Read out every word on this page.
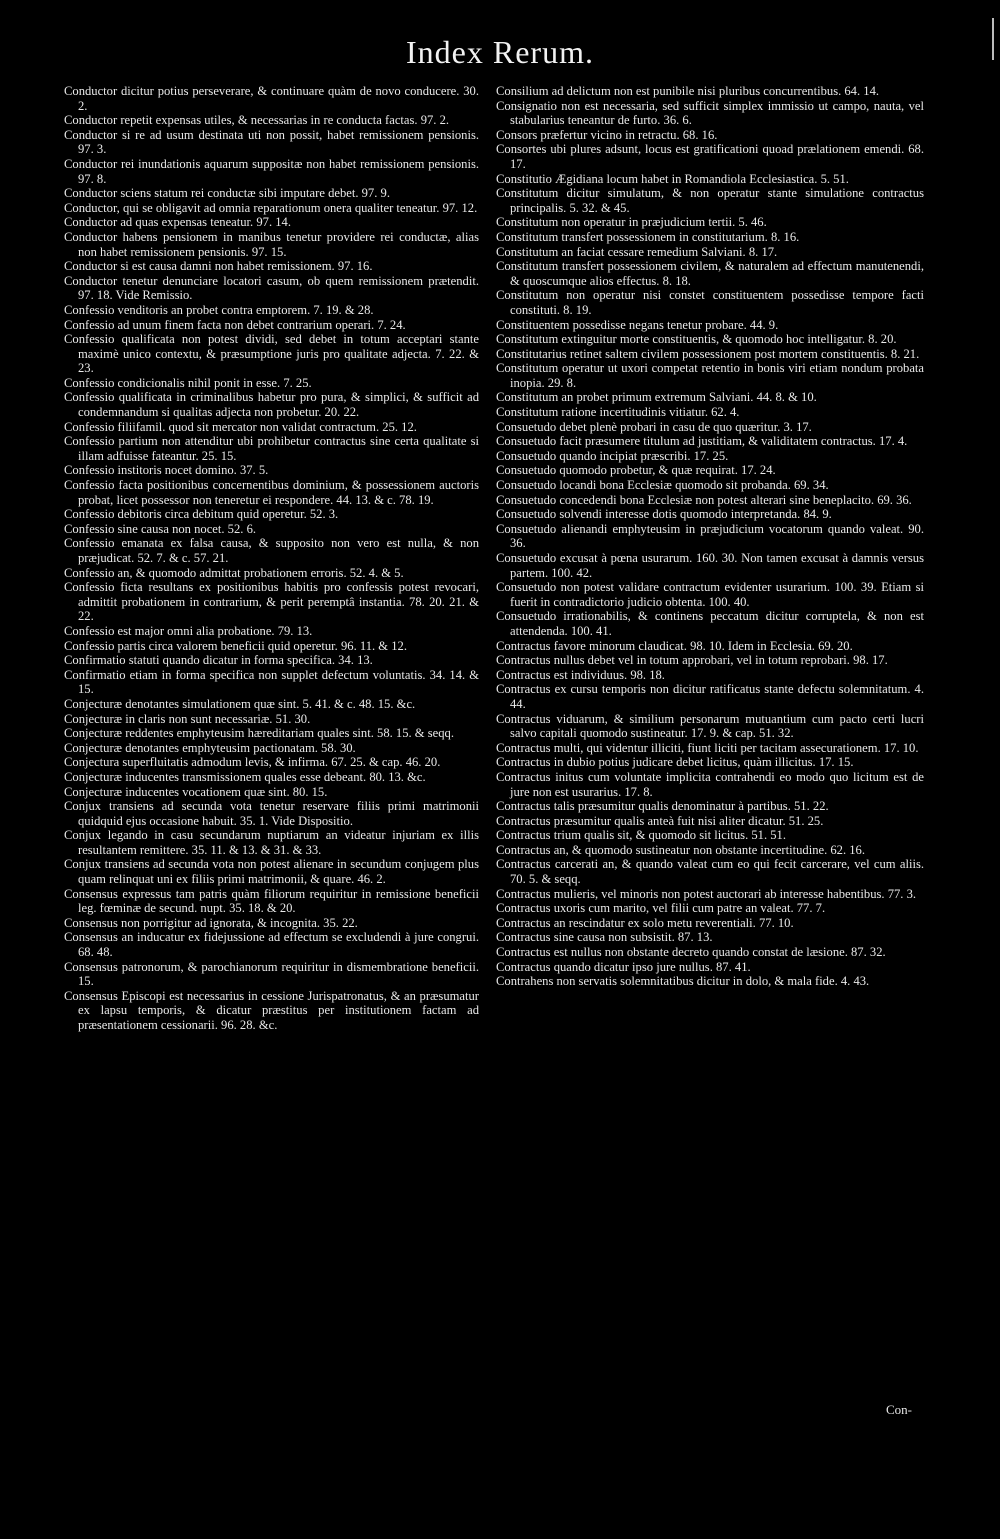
Index Rerum.

Conductor dicitur potius perseverare, & continuare quàm de novo conducere. 30. 2.

Conductor repetit expensas utiles, & necessarias in re conducta factas. 97. 2.

Conductor si re ad usum destinata uti non possit, habet remissionem pensionis. 97. 3.

Conductor rei inundationis aquarum suppositæ non habet remissionem pensionis. 97. 8.

Conductor sciens statum rei conductæ sibi imputare debet. 97. 9.

Conductor, qui se obligavit ad omnia reparationum onera qualiter teneatur. 97. 12.

Conductor ad quas expensas teneatur. 97. 14.

Conductor habens pensionem in manibus tenetur providere rei conductæ, alias non habet remissionem pensionis. 97. 15.

Conductor si est causa damni non habet remissionem. 97. 16.

Conductor tenetur denunciare locatori casum, ob quem remissionem prætendit. 97. 18. Vide Remissio.

Confessio venditoris an probet contra emptorem. 7. 19. & 28.

Confessio ad unum finem facta non debet contrarium operari. 7. 24.

Confessio qualificata non potest dividi, sed debet in totum acceptari stante maximè unico contextu, & præsumptione juris pro qualitate adjecta. 7. 22. & 23.

Confessio condicionalis nihil ponit in esse. 7. 25.

Confessio qualificata in criminalibus habetur pro pura, & simplici, & sufficit ad condemnandum si qualitas adjecta non probetur. 20. 22.

Confessio filiifamil. quod sit mercator non validat contractum. 25. 12.

Confessio partium non attenditur ubi prohibetur contractus sine certa qualitate si illam adfuisse fateantur. 25. 15.

Confessio institoris nocet domino. 37. 5.

Confessio facta positionibus concernentibus dominium, & possessionem auctoris probat, licet possessor non teneretur ei respondere. 44. 13. & c. 78. 19.

Confessio debitoris circa debitum quid operetur. 52. 3.

Confessio sine causa non nocet. 52. 6.

Confessio emanata ex falsa causa, & supposito non vero est nulla, & non præjudicat. 52. 7. & c. 57. 21.

Confessio an, & quomodo admittat probationem erroris. 52. 4. & 5.

Confessio ficta resultans ex positionibus habitis pro confessis potest revocari, admittit probationem in contrarium, & perit peremptâ instantia. 78. 20. 21. & 22.

Confessio est major omni alia probatione. 79. 13.

Confessio partis circa valorem beneficii quid operetur. 96. 11. & 12.

Confirmatio statuti quando dicatur in forma specifica. 34. 13.

Confirmatio etiam in forma specifica non supplet defectum voluntatis. 34. 14. & 15.

Conjecturæ denotantes simulationem quæ sint. 5. 41. & c. 48. 15. &c.

Conjecturæ in claris non sunt necessariæ. 51. 30.

Conjecturæ reddentes emphyteusim hæreditariam quales sint. 58. 15. & seqq.

Conjecturæ denotantes emphyteusim pactionatam. 58. 30.

Conjectura superfluitatis admodum levis, & infirma. 67. 25. & cap. 46. 20.

Conjecturæ inducentes transmissionem quales esse debeant. 80. 13. &c.

Conjecturæ inducentes vocationem quæ sint. 80. 15.

Conjux transiens ad secunda vota tenetur reservare filiis primi matrimonii quidquid ejus occasione habuit. 35. 1. Vide Dispositio.

Conjux legando in casu secundarum nuptiarum an videatur injuriam ex illis resultantem remittere. 35. 11. & 13. & 31. & 33.

Conjux transiens ad secunda vota non potest alienare in secundum conjugem plus quam relinquat uni ex filiis primi matrimonii, & quare. 46. 2.

Consensus expressus tam patris quàm filiorum requiritur in remissione beneficii leg. fœminæ de secund. nupt. 35. 18. & 20.

Consensus non porrigitur ad ignorata, & incognita. 35. 22.

Consensus an inducatur ex fidejussione ad effectum se excludendi à jure congrui. 68. 48.

Consensus patronorum, & parochianorum requiritur in dismembratione beneficii. 15.

Consensus Episcopi est necessarius in cessione Jurispatronatus, & an præsumatur ex lapsu temporis, & dicatur præstitus per institutionem factam ad præsentationem cessionarii. 96. 28. &c.

Consilium ad delictum non est punibile nisi pluribus concurrentibus. 64. 14.

Consignatio non est necessaria, sed sufficit simplex immissio ut campo, nauta, vel stabularius teneantur de furto. 36. 6.

Consors præfertur vicino in retractu. 68. 16.

Consortes ubi plures adsunt, locus est gratificationi quoad prælationem emendi. 68. 17.

Constitutio Ægidiana locum habet in Romandiola Ecclesiastica. 5. 51.

Constitutum dicitur simulatum, & non operatur stante simulatione contractus principalis. 5. 32. & 45.

Constitutum non operatur in præjudicium tertii. 5. 46.

Constitutum transfert possessionem in constitutarium. 8. 16.

Constitutum an faciat cessare remedium Salviani. 8. 17.

Constitutum transfert possessionem civilem, & naturalem ad effectum manutenendi, & quoscumque alios effectus. 8. 18.

Constitutum non operatur nisi constet constituentem possedisse tempore facti constituti. 8. 19.

Constituentem possedisse negans tenetur probare. 44. 9.

Constitutum extinguitur morte constituentis, & quomodo hoc intelligatur. 8. 20.

Constitutarius retinet saltem civilem possessionem post mortem constituentis. 8. 21.

Constitutum operatur ut uxori competat retentio in bonis viri etiam nondum probata inopia. 29. 8.

Constitutum an probet primum extremum Salviani. 44. 8. & 10.

Constitutum ratione incertitudinis vitiatur. 62. 4.

Consuetudo debet plenè probari in casu de quo quæritur. 3. 17.

Consuetudo facit præsumere titulum ad justitiam, & validitatem contractus. 17. 4.

Consuetudo quando incipiat præscribi. 17. 25.

Consuetudo quomodo probetur, & quæ requirat. 17. 24.

Consuetudo locandi bona Ecclesiæ quomodo sit probanda. 69. 34.

Consuetudo concedendi bona Ecclesiæ non potest alterari sine beneplacito. 69. 36.

Consuetudo solvendi interesse dotis quomodo interpretanda. 84. 9.

Consuetudo alienandi emphyteusim in præjudicium vocatorum quando valeat. 90. 36.

Consuetudo excusat à pœna usurarum. 160. 30. Non tamen excusat à damnis versus partem. 100. 42.

Consuetudo non potest validare contractum evidenter usurarium. 100. 39. Etiam si fuerit in contradictorio judicio obtenta. 100. 40.

Consuetudo irrationabilis, & continens peccatum dicitur corruptela, & non est attendenda. 100. 41.

Contractus favore minorum claudicat. 98. 10. Idem in Ecclesia. 69. 20.

Contractus nullus debet vel in totum approbari, vel in totum reprobari. 98. 17.

Contractus est individuus. 98. 18.

Contractus ex cursu temporis non dicitur ratificatus stante defectu solemnitatum. 4. 44.

Contractus viduarum, & similium personarum mutuantium cum pacto certi lucri salvo capitali quomodo sustineatur. 17. 9. & cap. 51. 32.

Contractus multi, qui videntur illiciti, fiunt liciti per tacitam assecurationem. 17. 10.

Contractus in dubio potius judicare debet licitus, quàm illicitus. 17. 15.

Contractus initus cum voluntate implicita contrahendi eo modo quo licitum est de jure non est usurarius. 17. 8.

Contractus talis præsumitur qualis denominatur à partibus. 51. 22.

Contractus præsumitur qualis anteà fuit nisi aliter dicatur. 51. 25.

Contractus trium qualis sit, & quomodo sit licitus. 51. 51.

Contractus an, & quomodo sustineatur non obstante incertitudine. 62. 16.

Contractus carcerati an, & quando valeat cum eo qui fecit carcerare, vel cum aliis. 70. 5. & seqq.

Contractus mulieris, vel minoris non potest auctorari ab interesse habentibus. 77. 3.

Contractus uxoris cum marito, vel filii cum patre an valeat. 77. 7.

Contractus an rescindatur ex solo metu reverentiali. 77. 10.

Contractus sine causa non subsistit. 87. 13.

Contractus est nullus non obstante decreto quando constat de læsione. 87. 32.

Contractus quando dicatur ipso jure nullus. 87. 41.

Contrahens non servatis solemnitatibus dicitur in dolo, & mala fide. 4. 43.

Con-
